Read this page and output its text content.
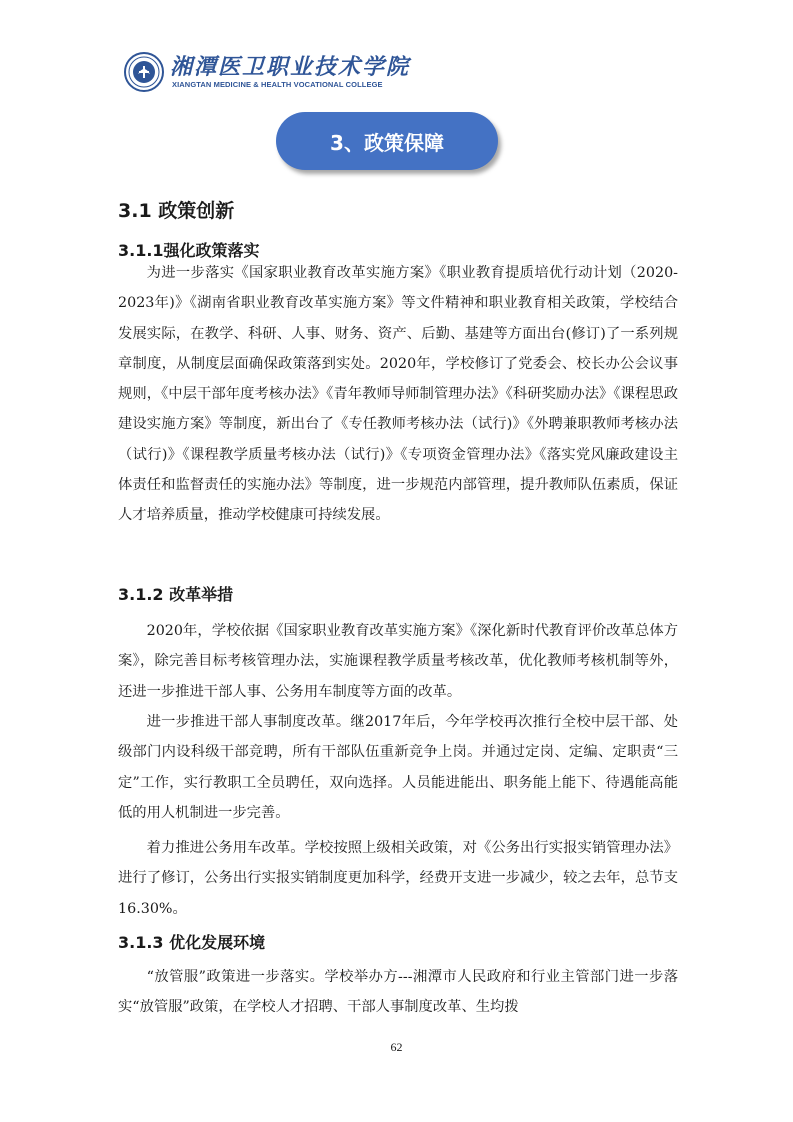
湘潭医卫职业技术学院
XIANGTAN MEDICINE & HEALTH VOCATIONAL COLLEGE
3、政策保障
3.1 政策创新
3.1.1强化政策落实

为进一步落实《国家职业教育改革实施方案》《职业教育提质培优行动计划（2020-2023年)》《湖南省职业教育改革实施方案》等文件精神和职业教育相关政策，学校结合发展实际，在教学、科研、人事、财务、资产、后勤、基建等方面出台(修订)了一系列规章制度，从制度层面确保政策落到实处。2020年，学校修订了党委会、校长办公会议事规则，《中层干部年度考核办法》《青年教师导师制管理办法》《科研奖励办法》《课程思政建设实施方案》等制度，新出台了《专任教师考核办法（试行)》《外聘兼职教师考核办法（试行)》《课程教学质量考核办法（试行)》《专项资金管理办法》《落实党风廉政建设主体责任和监督责任的实施办法》等制度，进一步规范内部管理，提升教师队伍素质，保证人才培养质量，推动学校健康可持续发展。

3.1.2 改革举措

2020年，学校依据《国家职业教育改革实施方案》《深化新时代教育评价改革总体方案》，除完善目标考核管理办法，实施课程教学质量考核改革，优化教师考核机制等外，还进一步推进干部人事、公务用车制度等方面的改革。

进一步推进干部人事制度改革。继2017年后，今年学校再次推行全校中层干部、处级部门内设科级干部竞聘，所有干部队伍重新竞争上岗。并通过定岗、定编、定职责“三定”工作，实行教职工全员聘任，双向选择。人员能进能出、职务能上能下、待遇能高能低的用人机制进一步完善。

着力推进公务用车改革。学校按照上级相关政策，对《公务出行实报实销管理办法》进行了修订，公务出行实报实销制度更加科学，经费开支进一步减少，较之去年，总节支16.30%。

3.1.3 优化发展环境

“放管服”政策进一步落实。学校举办方---湘潭市人民政府和行业主管部门进一步落实“放管服”政策，在学校人才招聘、干部人事制度改革、生均拨

62
